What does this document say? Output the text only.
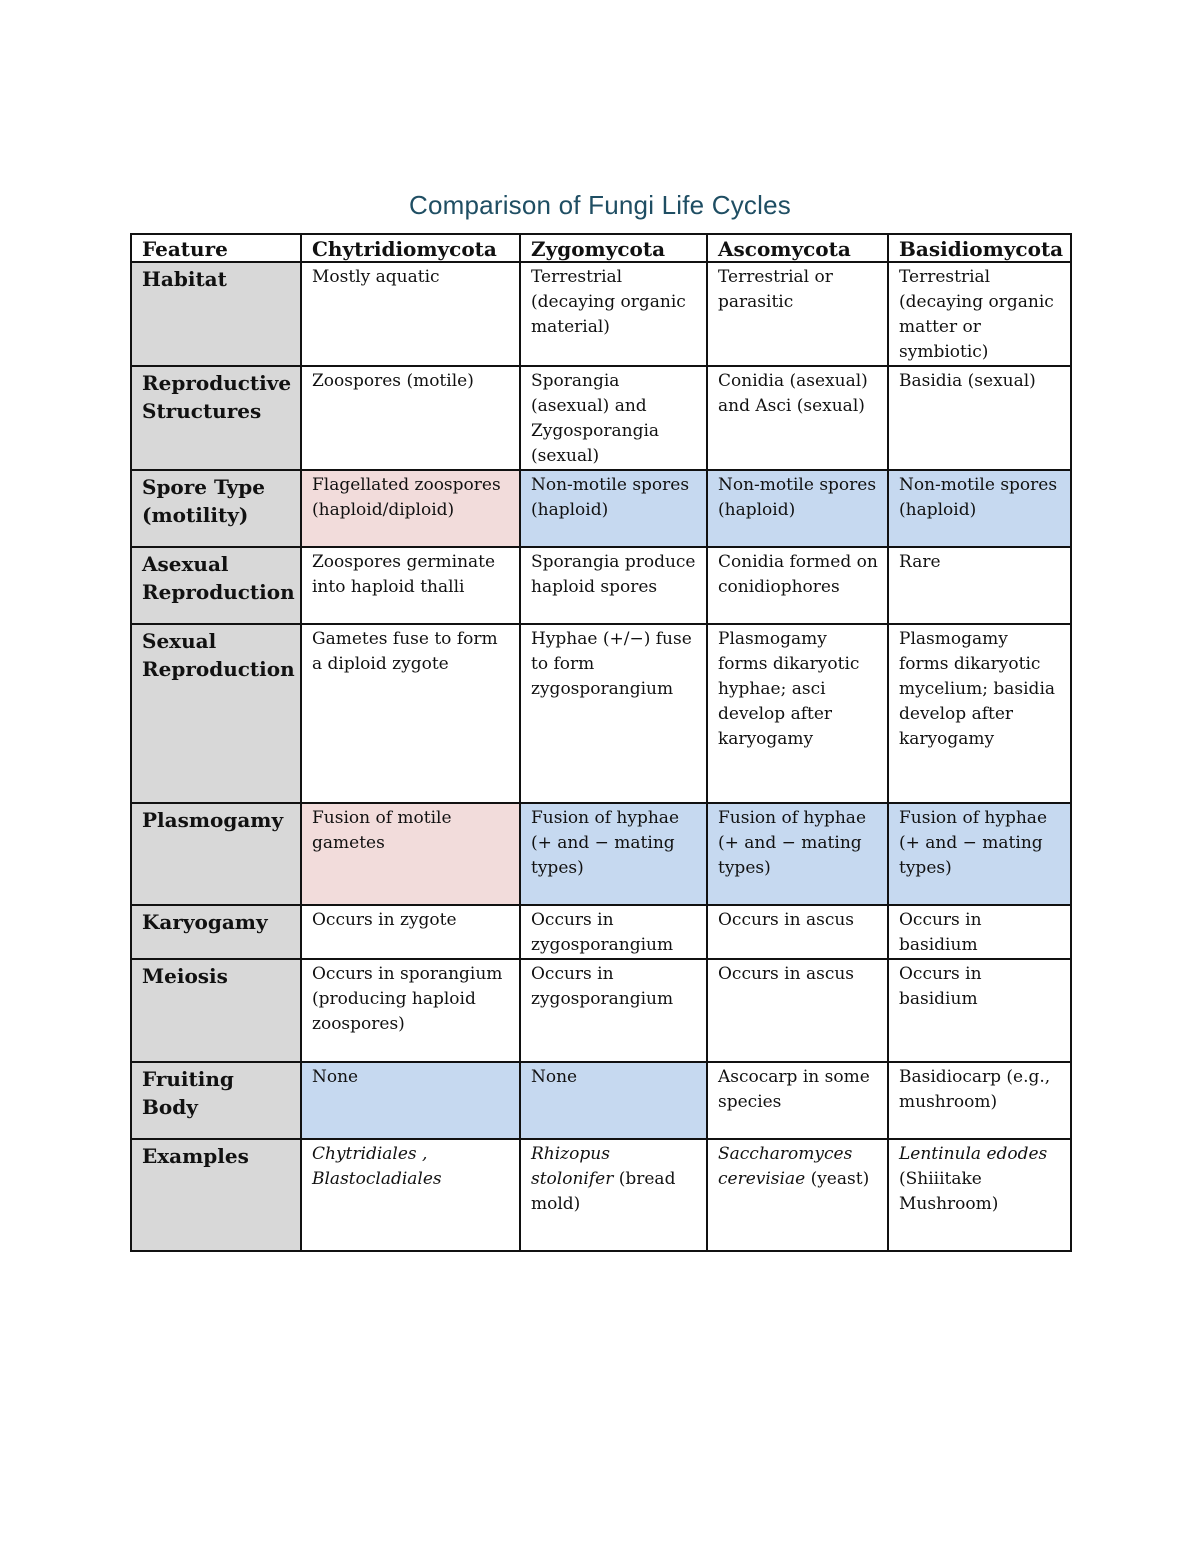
Comparison of Fungi Life Cycles
Feature	Chytridiomycota	Zygomycota	Ascomycota	Basidiomycota
Habitat	Mostly aquatic	Terrestrial (decaying organic material)	Terrestrial or parasitic	Terrestrial (decaying organic matter or symbiotic)
Reproductive Structures	Zoospores (motile)	Sporangia (asexual) and Zygosporangia (sexual)	Conidia (asexual) and Asci (sexual)	Basidia (sexual)
Spore Type (motility)	Flagellated zoospores (haploid/diploid)	Non-motile spores (haploid)	Non-motile spores (haploid)	Non-motile spores (haploid)
Asexual Reproduction	Zoospores germinate into haploid thalli	Sporangia produce haploid spores	Conidia formed on conidiophores	Rare
Sexual Reproduction	Gametes fuse to form a diploid zygote	Hyphae (+/−) fuse to form zygosporangium	Plasmogamy forms dikaryotic hyphae; asci develop after karyogamy	Plasmogamy forms dikaryotic mycelium; basidia develop after karyogamy
Plasmogamy	Fusion of motile gametes	Fusion of hyphae (+ and − mating types)	Fusion of hyphae (+ and − mating types)	Fusion of hyphae (+ and − mating types)
Karyogamy	Occurs in zygote	Occurs in zygosporangium	Occurs in ascus	Occurs in basidium
Meiosis	Occurs in sporangium (producing haploid zoospores)	Occurs in zygosporangium	Occurs in ascus	Occurs in basidium
Fruiting Body	None	None	Ascocarp in some species	Basidiocarp (e.g., mushroom)
Examples	Chytridiales , Blastocladiales	Rhizopus stolonifer (bread mold)	Saccharomyces cerevisiae (yeast)	Lentinula edodes (Shiiitake Mushroom)
